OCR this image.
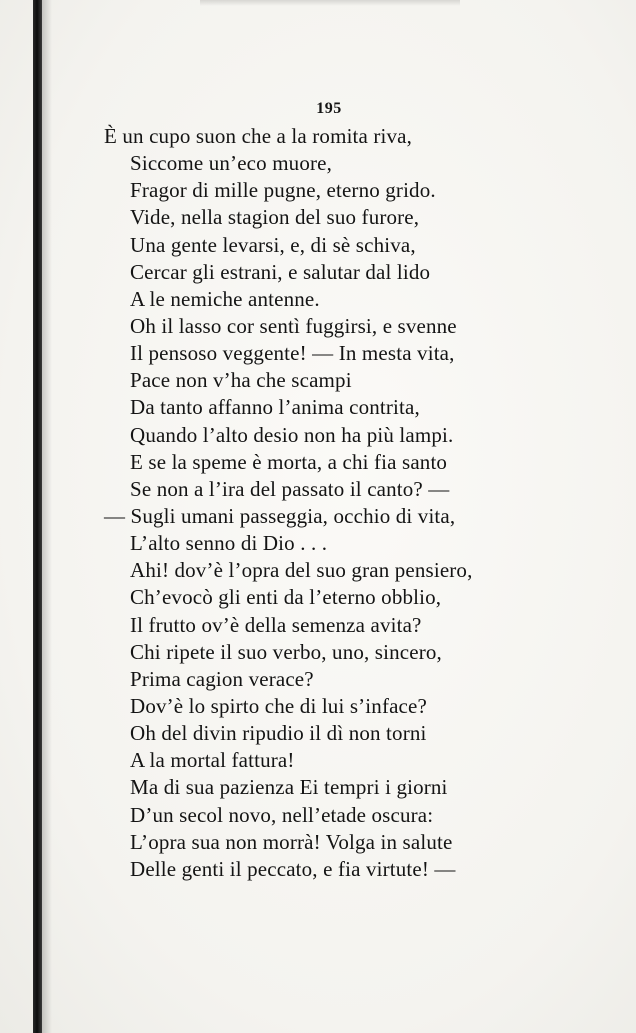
195
È un cupo suon che a la romita riva,
Siccome un’eco muore,
Fragor di mille pugne, eterno grido.
Vide, nella stagion del suo furore,
Una gente levarsi, e, di sè schiva,
Cercar gli estrani, e salutar dal lido
A le nemiche antenne.
Oh il lasso cor sentì fuggirsi, e svenne
Il pensoso veggente! — In mesta vita,
Pace non v’ha che scampi
Da tanto affanno l’anima contrita,
Quando l’alto desio non ha più lampi.
E se la speme è morta, a chi fia santo
Se non a l’ira del passato il canto? —
— Sugli umani passeggia, occhio di vita,
L’alto senno di Dio . . .
Ahi! dov’è l’opra del suo gran pensiero,
Ch’evocò gli enti da l’eterno obblio,
Il frutto ov’è della semenza avita?
Chi ripete il suo verbo, uno, sincero,
Prima cagion verace?
Dov’è lo spirto che di lui s’inface?
Oh del divin ripudio il dì non torni
A la mortal fattura!
Ma di sua pazienza Ei tempri i giorni
D’un secol novo, nell’etade oscura:
L’opra sua non morrà! Volga in salute
Delle genti il peccato, e fia virtute! —
